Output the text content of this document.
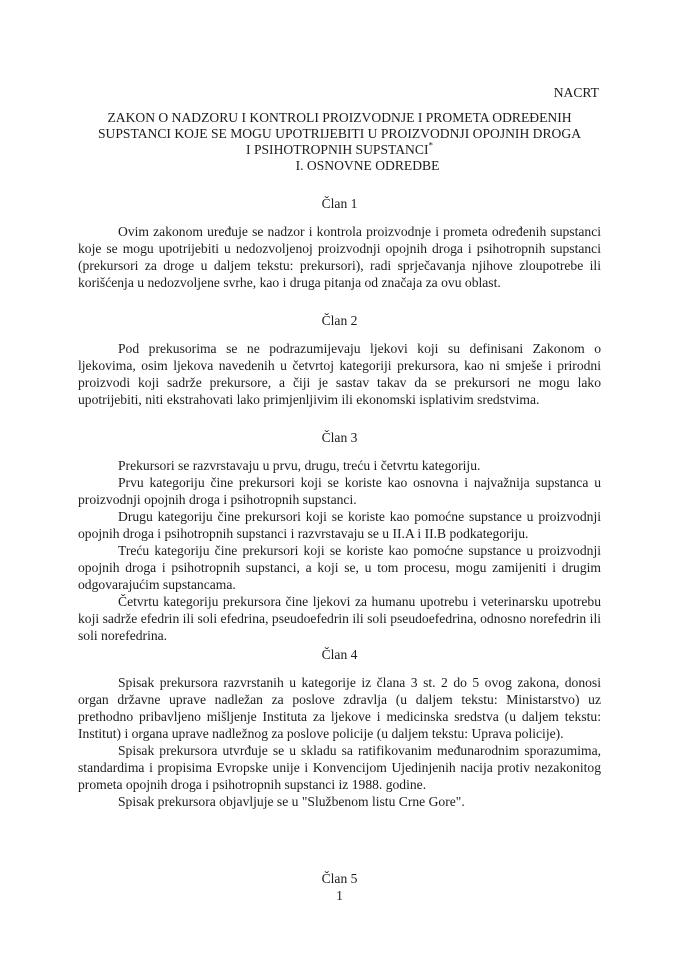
NACRT
ZAKON O NADZORU I KONTROLI PROIZVODNJE I PROMETA ODREĐENIH
SUPSTANCI KOJE SE MOGU UPOTRIJEBITI U PROIZVODNJI OPOJNIH DROGA
I PSIHOTROPNIH SUPSTANCI*
I. OSNOVNE ODREDBE
Član 1

Ovim zakonom uređuje se nadzor i kontrola proizvodnje i prometa određenih supstanci koje se mogu upotrijebiti u nedozvoljenoj proizvodnji opojnih droga i psihotropnih supstanci (prekursori za droge u daljem tekstu: prekursori), radi sprječavanja njihove zloupotrebe ili korišćenja u nedozvoljene svrhe, kao i druga pitanja od značaja za ovu oblast.

Član 2

Pod prekusorima se ne podrazumijevaju ljekovi koji su definisani Zakonom o ljekovima, osim ljekova navedenih u četvrtoj kategoriji prekursora, kao ni smješe i prirodni proizvodi koji sadrže prekursore, a čiji je sastav takav da se prekursori ne mogu lako upotrijebiti, niti ekstrahovati lako primjenljivim ili ekonomski isplativim sredstvima.

Član 3

Prekursori se razvrstavaju u prvu, drugu, treću i četvrtu kategoriju.

Prvu kategoriju čine prekursori koji se koriste kao osnovna i najvažnija supstanca u proizvodnji opojnih droga i psihotropnih supstanci.

Drugu kategoriju čine prekursori koji se koriste kao pomoćne supstance u proizvodnji opojnih droga i psihotropnih supstanci i razvrstavaju se u II.A i II.B podkategoriju.

Treću kategoriju čine prekursori koji se koriste kao pomoćne supstance u proizvodnji opojnih droga i psihotropnih supstanci, a koji se, u tom procesu, mogu zamijeniti i drugim odgovarajućim supstancama.

Četvrtu kategoriju prekursora čine ljekovi za humanu upotrebu i veterinarsku upotrebu koji sadrže efedrin ili soli efedrina, pseudoefedrin ili soli pseudoefedrina, odnosno norefedrin ili soli norefedrina.

Član 4

Spisak prekursora razvrstanih u kategorije iz člana 3 st. 2 do 5 ovog zakona, donosi organ državne uprave nadležan za poslove zdravlja (u daljem tekstu: Ministarstvo) uz prethodno pribavljeno mišljenje Instituta za ljekove i medicinska sredstva (u daljem tekstu: Institut) i organa uprave nadležnog za poslove policije (u daljem tekstu: Uprava policije).

Spisak prekursora utvrđuje se u skladu sa ratifikovanim međunarodnim sporazumima, standardima i propisima Evropske unije i Konvencijom Ujedinjenih nacija protiv nezakonitog prometa opojnih droga i psihotropnih supstanci iz 1988. godine.

Spisak prekursora objavljuje se u "Službenom listu Crne Gore".

Član 5
1
